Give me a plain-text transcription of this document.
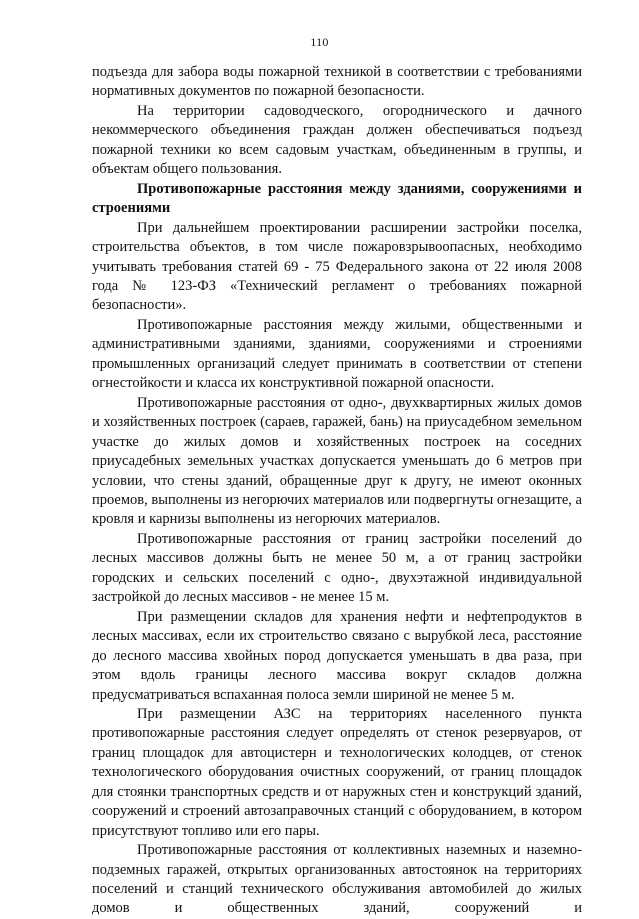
110

подъезда для забора воды пожарной техникой в соответствии с требованиями нормативных документов по пожарной безопасности.

На территории садоводческого, огороднического и дачного некоммерческого объединения граждан должен обеспечиваться подъезд пожарной техники ко всем садовым участкам, объединенным в группы, и объектам общего пользования.

Противопожарные расстояния между зданиями, сооружениями и строениями

При дальнейшем проектировании расширении застройки поселка, строительства объектов, в том числе пожаровзрывоопасных, необходимо учитывать требования статей 69 - 75 Федерального закона от 22 июля 2008 года № 123-ФЗ «Технический регламент о требованиях пожарной безопасности».

Противопожарные расстояния между жилыми, общественными и административными зданиями, зданиями, сооружениями и строениями промышленных организаций следует принимать в соответствии от степени огнестойкости и класса их конструктивной пожарной опасности.

Противопожарные расстояния от одно-, двухквартирных жилых домов и хозяйственных построек (сараев, гаражей, бань) на приусадебном земельном участке до жилых домов и хозяйственных построек на соседних приусадебных земельных участках допускается уменьшать до 6 метров при условии, что стены зданий, обращенные друг к другу, не имеют оконных проемов, выполнены из негорючих материалов или подвергнуты огнезащите, а кровля и карнизы выполнены из негорючих материалов.

Противопожарные расстояния от границ застройки поселений до лесных массивов должны быть не менее 50 м, а от границ застройки городских и сельских поселений с одно-, двухэтажной индивидуальной застройкой до лесных массивов - не менее 15 м.

При размещении складов для хранения нефти и нефтепродуктов в лесных массивах, если их строительство связано с вырубкой леса, расстояние до лесного массива хвойных пород допускается уменьшать в два раза, при этом вдоль границы лесного массива вокруг складов должна предусматриваться вспаханная полоса земли шириной не менее 5 м.

При размещении АЗС на территориях населенного пункта противопожарные расстояния следует определять от стенок резервуаров, от границ площадок для автоцистерн и технологических колодцев, от стенок технологического оборудования очистных сооружений, от границ площадок для стоянки транспортных средств и от наружных стен и конструкций зданий, сооружений и строений автозаправочных станций с оборудованием, в котором присутствуют топливо или его пары.

Противопожарные расстояния от коллективных наземных и наземно-подземных гаражей, открытых организованных автостоянок на территориях поселений и станций технического обслуживания автомобилей до жилых домов и общественных зданий, сооружений и
